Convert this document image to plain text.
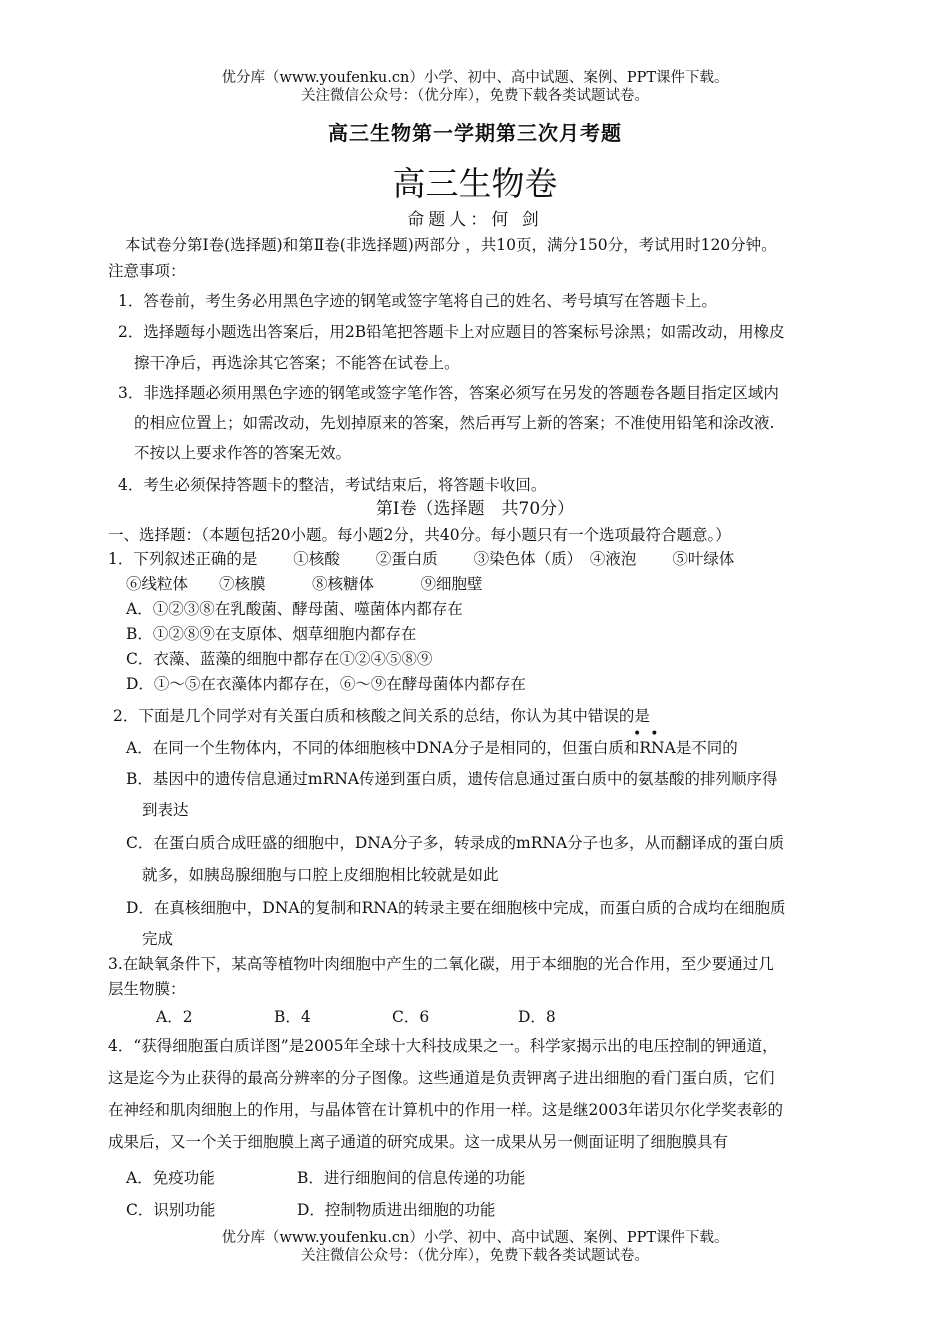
优分库（www.youfenku.cn）小学、初中、高中试题、案例、PPT课件下载。
关注微信公众号：（优分库），免费下载各类试题试卷。
高三生物第一学期第三次月考题
高三生物卷
命题人：何 剑
本试卷分第Ⅰ卷(选择题)和第Ⅱ卷(非选择题)两部分 ，共10页，满分150分，考试用时120分钟。
注意事项：
1．答卷前，考生务必用黑色字迹的钢笔或签字笔将自己的姓名、考号填写在答题卡上。
2．选择题每小题选出答案后，用2B铅笔把答题卡上对应题目的答案标号涂黑；如需改动，用橡皮
擦干净后，再选涂其它答案；不能答在试卷上。
3．非选择题必须用黑色字迹的钢笔或签字笔作答，答案必须写在另发的答题卷各题目指定区域内
的相应位置上；如需改动，先划掉原来的答案，然后再写上新的答案；不准使用铅笔和涂改液.
不按以上要求作答的答案无效。
4．考生必须保持答题卡的整洁，考试结束后，将答题卡收回。
第Ⅰ卷（选择题　共70分）
一、选择题：（本题包括20小题。每小题2分，共40分。每小题只有一个选项最符合题意。）
1．下列叙述正确的是　　 ①核酸　　 ②蛋白质　　 ③染色体（质）　④液泡　　 ⑤叶绿体
⑥线粒体　　⑦核膜　　　⑧核糖体　　　⑨细胞壁
A．①②③⑧在乳酸菌、酵母菌、噬菌体内都存在
B．①②⑧⑨在支原体、烟草细胞内都存在
C．衣藻、蓝藻的细胞中都存在①②④⑤⑧⑨
D．①～⑤在衣藻体内都存在，⑥～⑨在酵母菌体内都存在
2．下面是几个同学对有关蛋白质和核酸之间关系的总结，你认为其中错误的是
••
A．在同一个生物体内，不同的体细胞核中DNA分子是相同的，但蛋白质和RNA是不同的
B．基因中的遗传信息通过mRNA传递到蛋白质，遗传信息通过蛋白质中的氨基酸的排列顺序得
到表达
C．在蛋白质合成旺盛的细胞中，DNA分子多，转录成的mRNA分子也多，从而翻译成的蛋白质
就多，如胰岛腺细胞与口腔上皮细胞相比较就是如此
D．在真核细胞中，DNA的复制和RNA的转录主要在细胞核中完成，而蛋白质的合成均在细胞质
完成
3.在缺氧条件下，某高等植物叶肉细胞中产生的二氧化碳，用于本细胞的光合作用，至少要通过几
层生物膜：
A．2	B．4	C．6	D．8
4．“获得细胞蛋白质详图”是2005年全球十大科技成果之一。科学家揭示出的电压控制的钾通道，
这是迄今为止获得的最高分辨率的分子图像。这些通道是负责钾离子进出细胞的看门蛋白质，它们
在神经和肌肉细胞上的作用，与晶体管在计算机中的作用一样。这是继2003年诺贝尔化学奖表彰的
成果后，又一个关于细胞膜上离子通道的研究成果。这一成果从另一侧面证明了细胞膜具有
A．免疫功能	B．进行细胞间的信息传递的功能
C．识别功能	D．控制物质进出细胞的功能
优分库（www.youfenku.cn）小学、初中、高中试题、案例、PPT课件下载。
关注微信公众号：（优分库），免费下载各类试题试卷。
